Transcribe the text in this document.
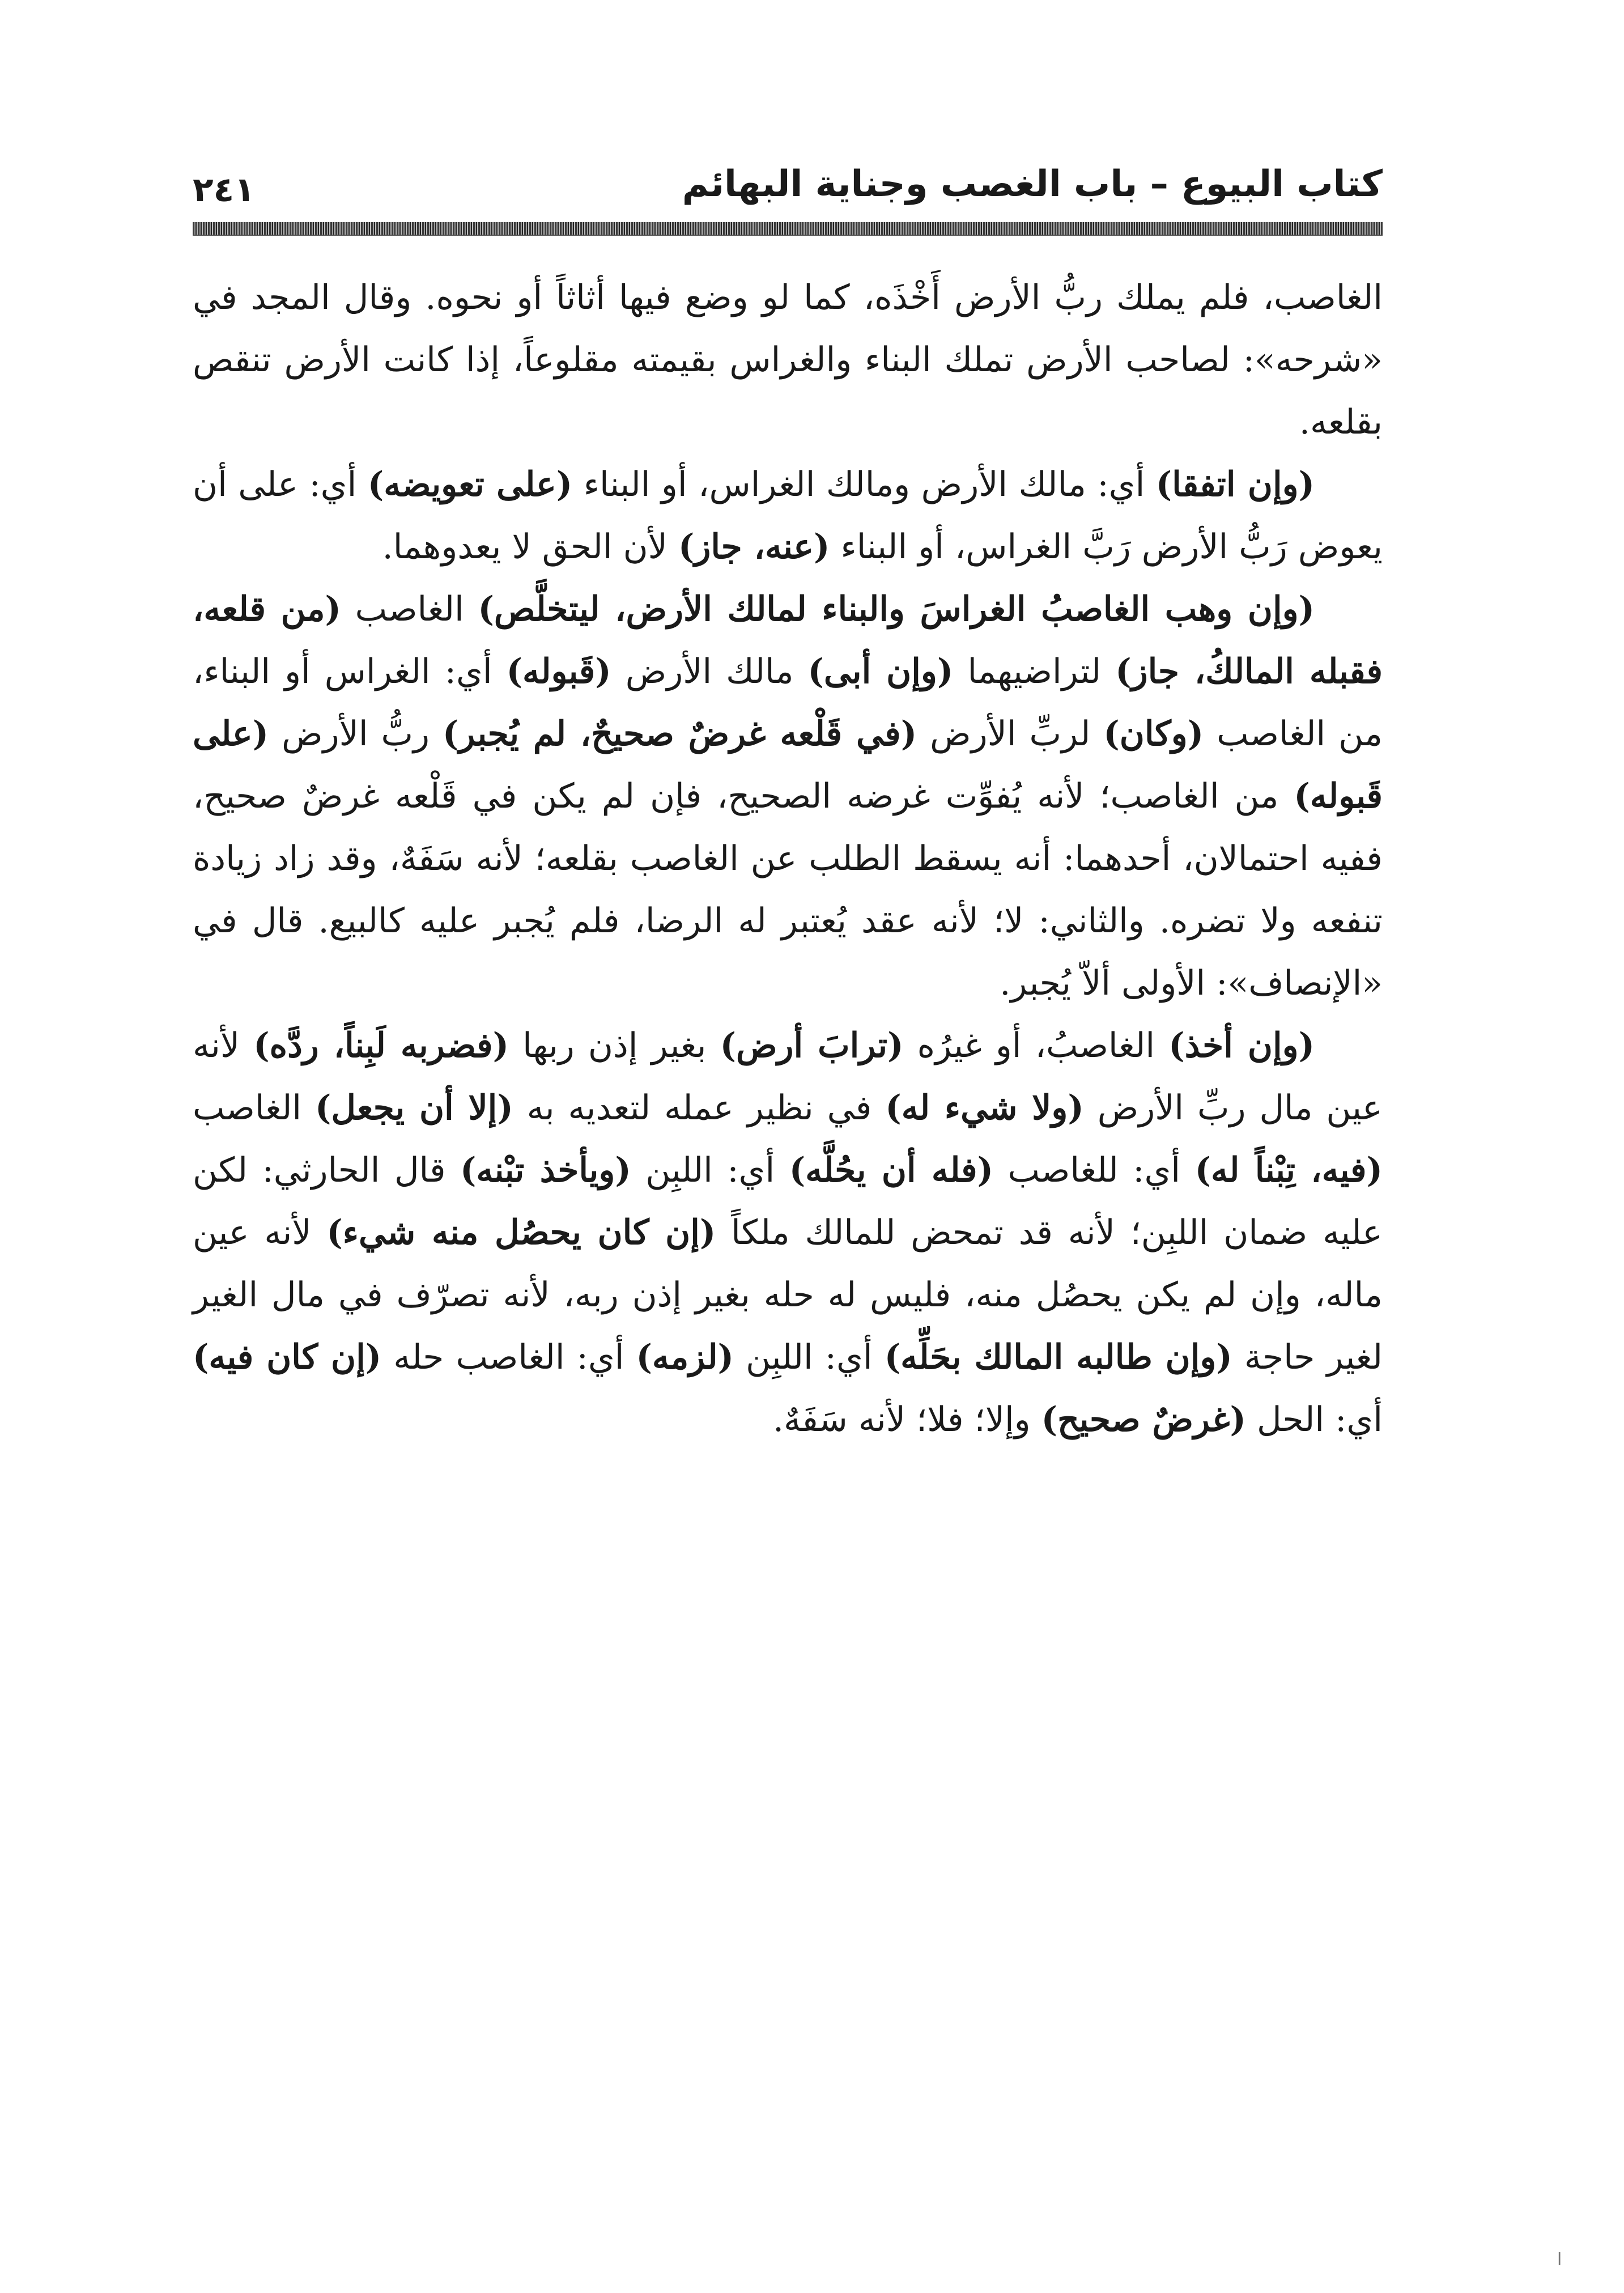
كتاب البيوع – باب الغصب وجناية البهائم
٢٤١

الغاصب، فلم يملك ربُّ الأرض أَخْذَه، كما لو وضع فيها أثاثاً أو نحوه. وقال المجد في «شرحه»: لصاحب الأرض تملك البناء والغراس بقيمته مقلوعاً، إذا كانت الأرض تنقص بقلعه.

(وإن اتفقا) أي: مالك الأرض ومالك الغراس، أو البناء (على تعويضه) أي: على أن يعوض رَبُّ الأرض رَبَّ الغراس، أو البناء (عنه، جاز) لأن الحق لا يعدوهما.

(وإن وهب الغاصبُ الغراسَ والبناء لمالك الأرض، ليتخلَّص) الغاصب (من قلعه، فقبله المالكُ، جاز) لتراضيهما (وإن أبى) مالك الأرض (قَبوله) أي: الغراس أو البناء، من الغاصب (وكان) لربِّ الأرض (في قَلْعه غرضٌ صحيحٌ، لم يُجبر) ربُّ الأرض (على قَبوله) من الغاصب؛ لأنه يُفوِّت غرضه الصحيح، فإن لم يكن في قَلْعه غرضٌ صحيح، ففيه احتمالان، أحدهما: أنه يسقط الطلب عن الغاصب بقلعه؛ لأنه سَفَهٌ، وقد زاد زيادة تنفعه ولا تضره. والثاني: لا؛ لأنه عقد يُعتبر له الرضا، فلم يُجبر عليه كالبيع. قال في «الإنصاف»: الأولى ألاّ يُجبر.

(وإن أخذ) الغاصبُ، أو غيرُه (ترابَ أرض) بغير إذن ربها (فضربه لَبِناً، ردَّه) لأنه عين مال ربِّ الأرض (ولا شيء له) في نظير عمله لتعديه به (إلا أن يجعل) الغاصب (فيه، تِبْناً له) أي: للغاصب (فله أن يحُلَّه) أي: اللبِن (ويأخذ تبْنه) قال الحارثي: لكن عليه ضمان اللبِن؛ لأنه قد تمحض للمالك ملكاً (إن كان يحصُل منه شيء) لأنه عين ماله، وإن لم يكن يحصُل منه، فليس له حله بغير إذن ربه، لأنه تصرّف في مال الغير لغير حاجة (وإن طالبه المالك بحَلِّه) أي: اللبِن (لزمه) أي: الغاصب حله (إن كان فيه) أي: الحل (غرضٌ صحيح) وإلا؛ فلا؛ لأنه سَفَهٌ.

ا
